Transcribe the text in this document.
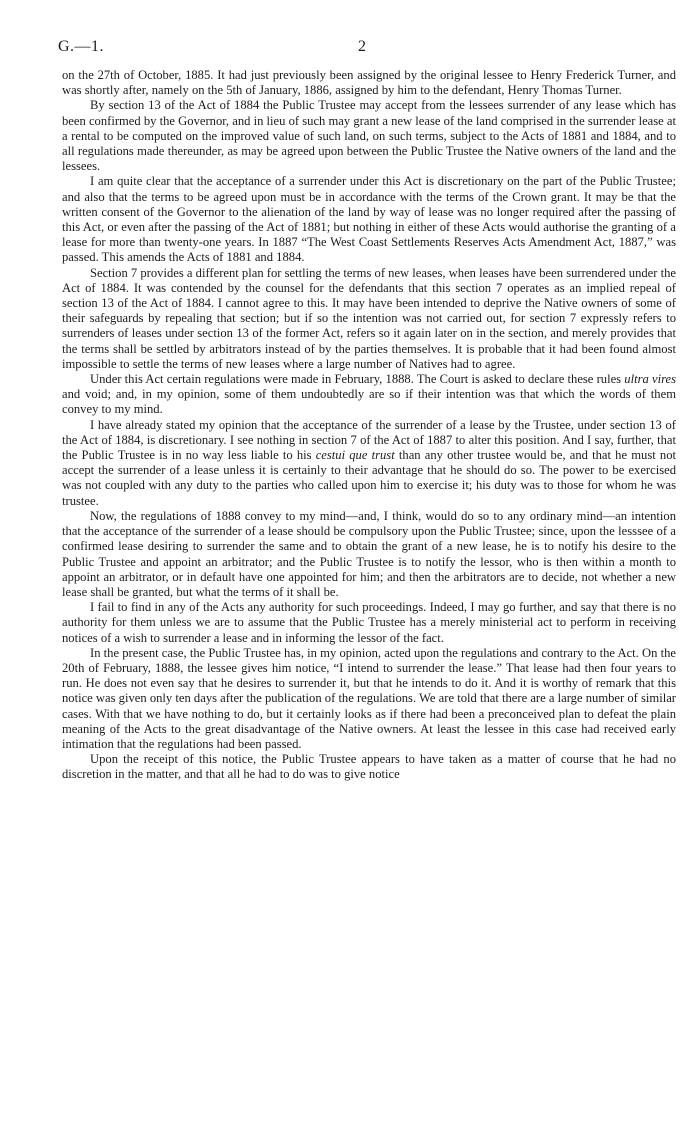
G.—1.	2

on the 27th of October, 1885. It had just previously been assigned by the original lessee to Henry Frederick Turner, and was shortly after, namely on the 5th of January, 1886, assigned by him to the defendant, Henry Thomas Turner.

By section 13 of the Act of 1884 the Public Trustee may accept from the lessees surrender of any lease which has been confirmed by the Governor, and in lieu of such may grant a new lease of the land comprised in the surrender lease at a rental to be computed on the improved value of such land, on such terms, subject to the Acts of 1881 and 1884, and to all regulations made thereunder, as may be agreed upon between the Public Trustee the Native owners of the land and the lessees.

I am quite clear that the acceptance of a surrender under this Act is discretionary on the part of the Public Trustee; and also that the terms to be agreed upon must be in accordance with the terms of the Crown grant. It may be that the written consent of the Governor to the alienation of the land by way of lease was no longer required after the passing of this Act, or even after the passing of the Act of 1881; but nothing in either of these Acts would authorise the granting of a lease for more than twenty-one years. In 1887 “The West Coast Settlements Reserves Acts Amendment Act, 1887,” was passed. This amends the Acts of 1881 and 1884.

Section 7 provides a different plan for settling the terms of new leases, when leases have been surrendered under the Act of 1884. It was contended by the counsel for the defendants that this section 7 operates as an implied repeal of section 13 of the Act of 1884. I cannot agree to this. It may have been intended to deprive the Native owners of some of their safeguards by repealing that section; but if so the intention was not carried out, for section 7 expressly refers to surrenders of leases under section 13 of the former Act, refers so it again later on in the section, and merely provides that the terms shall be settled by arbitrators instead of by the parties themselves. It is probable that it had been found almost impossible to settle the terms of new leases where a large number of Natives had to agree.

Under this Act certain regulations were made in February, 1888. The Court is asked to declare these rules ultra vires and void; and, in my opinion, some of them undoubtedly are so if their intention was that which the words of them convey to my mind.

I have already stated my opinion that the acceptance of the surrender of a lease by the Trustee, under section 13 of the Act of 1884, is discretionary. I see nothing in section 7 of the Act of 1887 to alter this position. And I say, further, that the Public Trustee is in no way less liable to his cestui que trust than any other trustee would be, and that he must not accept the surrender of a lease unless it is certainly to their advantage that he should do so. The power to be exercised was not coupled with any duty to the parties who called upon him to exercise it; his duty was to those for whom he was trustee.

Now, the regulations of 1888 convey to my mind—and, I think, would do so to any ordinary mind—an intention that the acceptance of the surrender of a lease should be compulsory upon the Public Trustee; since, upon the lesssee of a confirmed lease desiring to surrender the same and to obtain the grant of a new lease, he is to notify his desire to the Public Trustee and appoint an arbitrator; and the Public Trustee is to notify the lessor, who is then within a month to appoint an arbitrator, or in default have one appointed for him; and then the arbitrators are to decide, not whether a new lease shall be granted, but what the terms of it shall be.

I fail to find in any of the Acts any authority for such proceedings. Indeed, I may go further, and say that there is no authority for them unless we are to assume that the Public Trustee has a merely ministerial act to perform in receiving notices of a wish to surrender a lease and in informing the lessor of the fact.

In the present case, the Public Trustee has, in my opinion, acted upon the regulations and contrary to the Act. On the 20th of February, 1888, the lessee gives him notice, “I intend to surrender the lease.” That lease had then four years to run. He does not even say that he desires to surrender it, but that he intends to do it. And it is worthy of remark that this notice was given only ten days after the publication of the regulations. We are told that there are a large number of similar cases. With that we have nothing to do, but it certainly looks as if there had been a preconceived plan to defeat the plain meaning of the Acts to the great disadvantage of the Native owners. At least the lessee in this case had received early intimation that the regulations had been passed.

Upon the receipt of this notice, the Public Trustee appears to have taken as a matter of course that he had no discretion in the matter, and that all he had to do was to give notice
